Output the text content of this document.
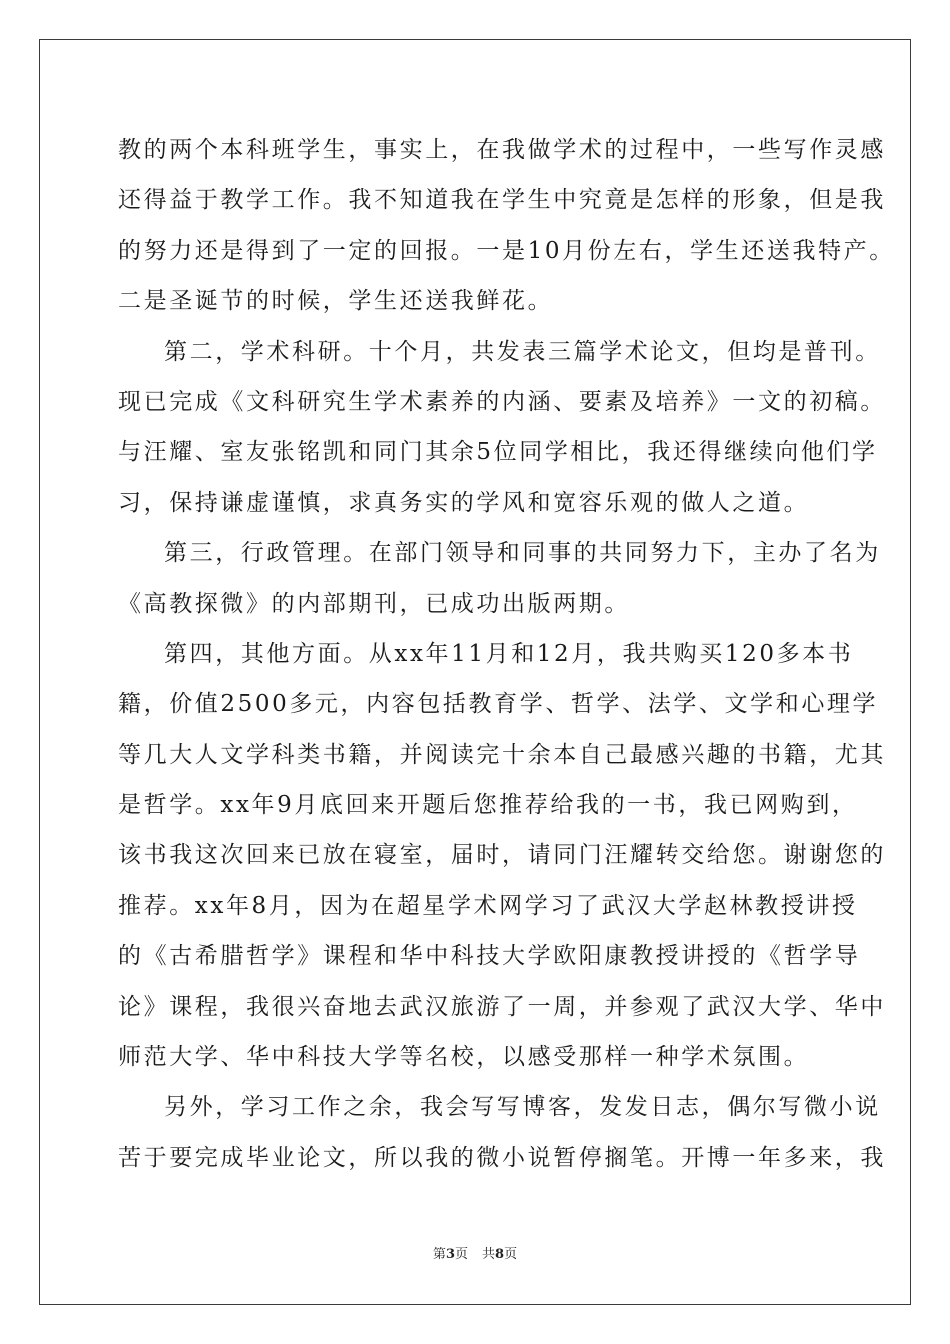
教的两个本科班学生，事实上，在我做学术的过程中，一些写作灵感
还得益于教学工作。我不知道我在学生中究竟是怎样的形象，但是我
的努力还是得到了一定的回报。一是10月份左右，学生还送我特产。
二是圣诞节的时候，学生还送我鲜花。
第二，学术科研。十个月，共发表三篇学术论文，但均是普刊。
现已完成《文科研究生学术素养的内涵、要素及培养》一文的初稿。
与汪耀、室友张铭凯和同门其余5位同学相比，我还得继续向他们学
习，保持谦虚谨慎，求真务实的学风和宽容乐观的做人之道。
第三，行政管理。在部门领导和同事的共同努力下，主办了名为
《高教探微》的内部期刊，已成功出版两期。
第四，其他方面。从xx年11月和12月，我共购买120多本书
籍，价值2500多元，内容包括教育学、哲学、法学、文学和心理学
等几大人文学科类书籍，并阅读完十余本自己最感兴趣的书籍，尤其
是哲学。xx年9月底回来开题后您推荐给我的一书，我已网购到，
该书我这次回来已放在寝室，届时，请同门汪耀转交给您。谢谢您的
推荐。xx年8月，因为在超星学术网学习了武汉大学赵林教授讲授
的《古希腊哲学》课程和华中科技大学欧阳康教授讲授的《哲学导
论》课程，我很兴奋地去武汉旅游了一周，并参观了武汉大学、华中
师范大学、华中科技大学等名校，以感受那样一种学术氛围。
另外，学习工作之余，我会写写博客，发发日志，偶尔写微小说
苦于要完成毕业论文，所以我的微小说暂停搁笔。开博一年多来，我
第3页 共8页
